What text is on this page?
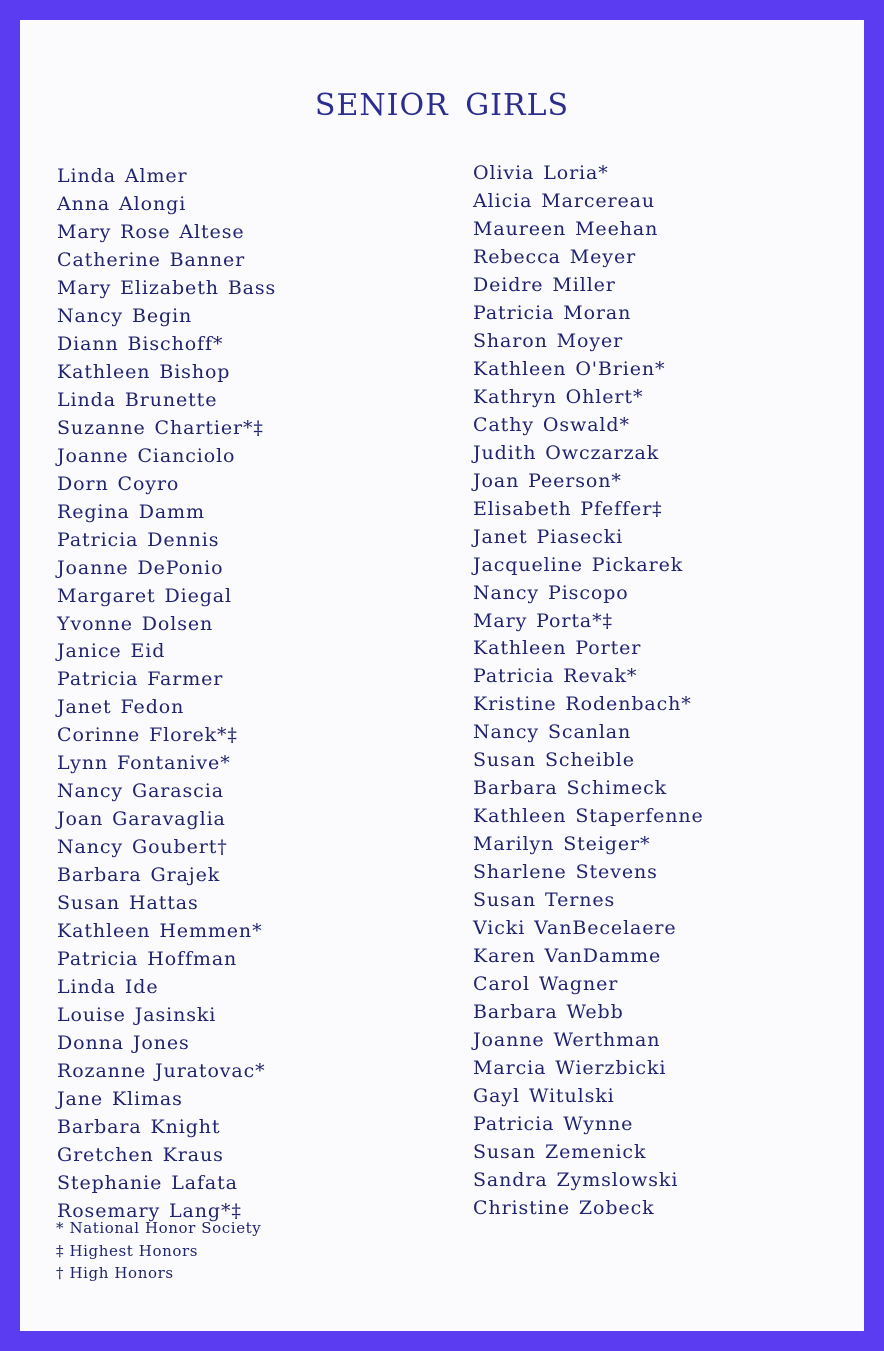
SENIOR GIRLS
Linda Almer
Anna Alongi
Mary Rose Altese
Catherine Banner
Mary Elizabeth Bass
Nancy Begin
Diann Bischoff*
Kathleen Bishop
Linda Brunette
Suzanne Chartier*‡
Joanne Cianciolo
Dorn Coyro
Regina Damm
Patricia Dennis
Joanne DePonio
Margaret Diegal
Yvonne Dolsen
Janice Eid
Patricia Farmer
Janet Fedon
Corinne Florek*‡
Lynn Fontanive*
Nancy Garascia
Joan Garavaglia
Nancy Goubert†
Barbara Grajek
Susan Hattas
Kathleen Hemmen*
Patricia Hoffman
Linda Ide
Louise Jasinski
Donna Jones
Rozanne Juratovac*
Jane Klimas
Barbara Knight
Gretchen Kraus
Stephanie Lafata
Rosemary Lang*‡
Olivia Loria*
Alicia Marcereau
Maureen Meehan
Rebecca Meyer
Deidre Miller
Patricia Moran
Sharon Moyer
Kathleen O'Brien*
Kathryn Ohlert*
Cathy Oswald*
Judith Owczarzak
Joan Peerson*
Elisabeth Pfeffer‡
Janet Piasecki
Jacqueline Pickarek
Nancy Piscopo
Mary Porta*‡
Kathleen Porter
Patricia Revak*
Kristine Rodenbach*
Nancy Scanlan
Susan Scheible
Barbara Schimeck
Kathleen Staperfenne
Marilyn Steiger*
Sharlene Stevens
Susan Ternes
Vicki VanBecelaere
Karen VanDamme
Carol Wagner
Barbara Webb
Joanne Werthman
Marcia Wierzbicki
Gayl Witulski
Patricia Wynne
Susan Zemenick
Sandra Zymslowski
Christine Zobeck
* National Honor Society
‡ Highest Honors
† High Honors
